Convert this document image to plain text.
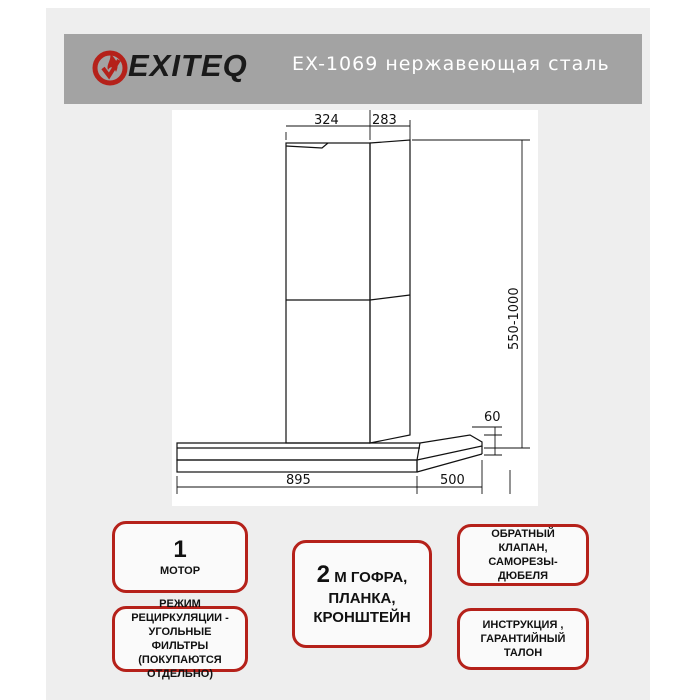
EXITEQ EX-1069 нержавеющая сталь
324	283
550-1000
60
895	500
1
МОТОР
РЕЖИМ РЕЦИРКУЛЯЦИИ - УГОЛЬНЫЕ ФИЛЬТРЫ (ПОКУПАЮТСЯ ОТДЕЛЬНО)
2 М ГОФРА,
ПЛАНКА,
КРОНШТЕЙН
ОБРАТНЫЙ КЛАПАН, САМОРЕЗЫ-ДЮБЕЛЯ
ИНСТРУКЦИЯ , ГАРАНТИЙНЫЙ ТАЛОН
